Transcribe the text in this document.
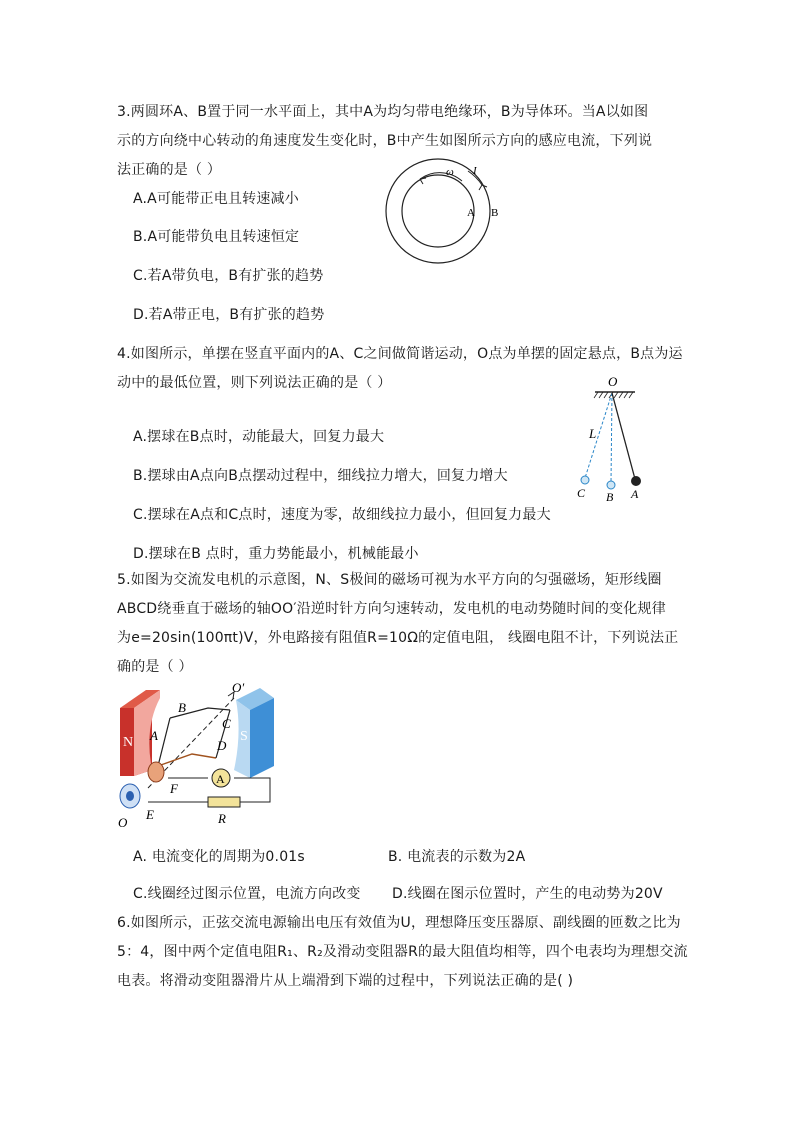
3.两圆环A、B置于同一水平面上，其中A为均匀带电绝缘环，B为导体环。当A以如图
示的方向绕中心转动的角速度发生变化时，B中产生如图所示方向的感应电流，下列说
法正确的是（ ）
A.A可能带正电且转速减小
B.A可能带负电且转速恒定
C.若A带负电，B有扩张的趋势
D.若A带正电，B有扩张的趋势
ω I
A B
4.如图所示，单摆在竖直平面内的A、C之间做简谐运动，O点为单摆的固定悬点，B点为运
动中的最低位置，则下列说法正确的是（ ）
A.摆球在B点时，动能最大，回复力最大
B.摆球由A点向B点摆动过程中，细线拉力增大，回复力增大
C.摆球在A点和C点时，速度为零，故细线拉力最小，但回复力最大
D.摆球在B 点时，重力势能最小，机械能最小
O
L
C B A
5.如图为交流发电机的示意图，N、S极间的磁场可视为水平方向的匀强磁场，矩形线圈
ABCD绕垂直于磁场的轴OO′沿逆时针方向匀速转动，发电机的电动势随时间的变化规律
为e=20sin(100πt)V，外电路接有阻值R=10Ω的定值电阻， 线圈电阻不计，下列说法正
确的是（ ）
N	S
O′
A
B
C
D
F
E
O
A
R
A. 电流变化的周期为0.01s	B. 电流表的示数为2A
C.线圈经过图示位置，电流方向改变 D.线圈在图示位置时，产生的电动势为20V
6.如图所示，正弦交流电源输出电压有效值为U，理想降压变压器原、副线圈的匝数之比为
5：4，图中两个定值电阻R₁、R₂及滑动变阻器R的最大阻值均相等，四个电表均为理想交流
电表。将滑动变阻器滑片从上端滑到下端的过程中，下列说法正确的是( )
